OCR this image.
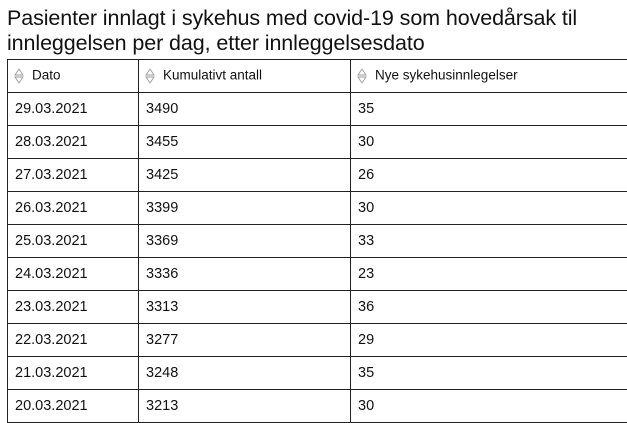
Pasienter innlagt i sykehus med covid-19 som hovedårsak til innleggelsen per dag, etter innleggelsesdato
Dato	Kumulativt antall	Nye sykehusinnlegelser
29.03.2021	3490	35
28.03.2021	3455	30
27.03.2021	3425	26
26.03.2021	3399	30
25.03.2021	3369	33
24.03.2021	3336	23
23.03.2021	3313	36
22.03.2021	3277	29
21.03.2021	3248	35
20.03.2021	3213	30
